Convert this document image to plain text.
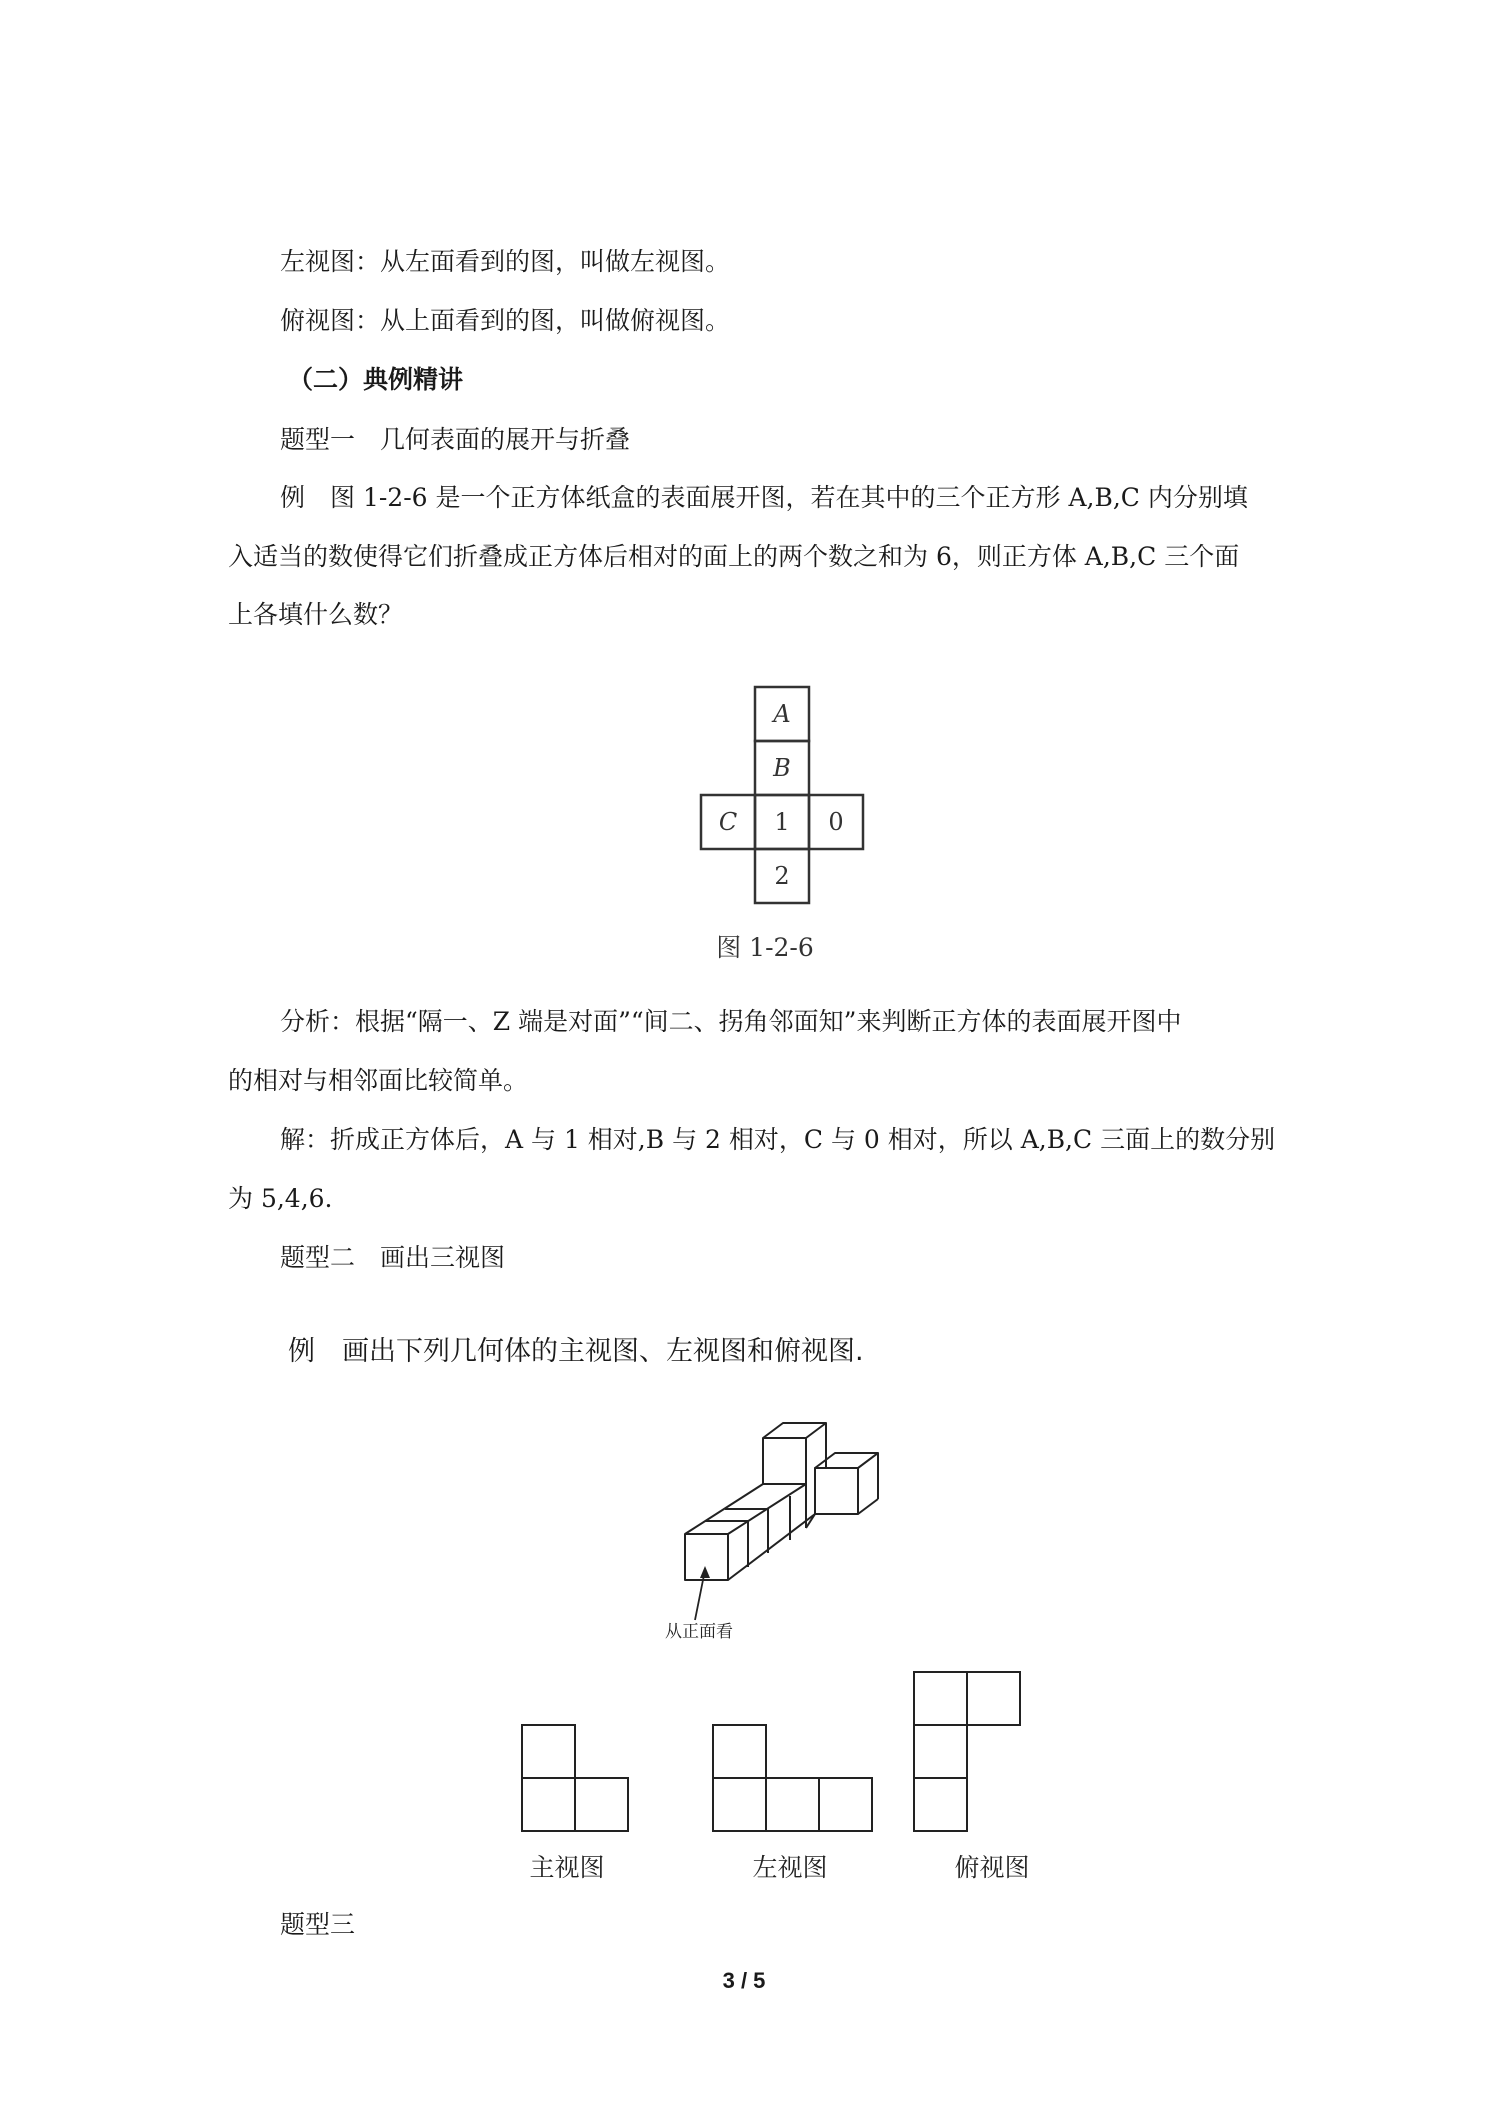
左视图：从左面看到的图，叫做左视图。
俯视图：从上面看到的图，叫做俯视图。
（二）典例精讲
题型一　几何表面的展开与折叠
例　图 1-2-6 是一个正方体纸盒的表面展开图，若在其中的三个正方形 A,B,C 内分别填
入适当的数使得它们折叠成正方体后相对的面上的两个数之和为 6，则正方体 A,B,C 三个面
上各填什么数？
A
B
C 1 0
2
图 1-2-6
分析：根据“隔一、Z 端是对面”“间二、拐角邻面知”来判断正方体的表面展开图中
的相对与相邻面比较简单。
解：折成正方体后，A 与 1 相对,B 与 2 相对，C 与 0 相对，所以 A,B,C 三面上的数分别
为 5,4,6.
题型二　画出三视图
例　画出下列几何体的主视图、左视图和俯视图.
从正面看
主视图	左视图	俯视图
题型三
3 / 5
